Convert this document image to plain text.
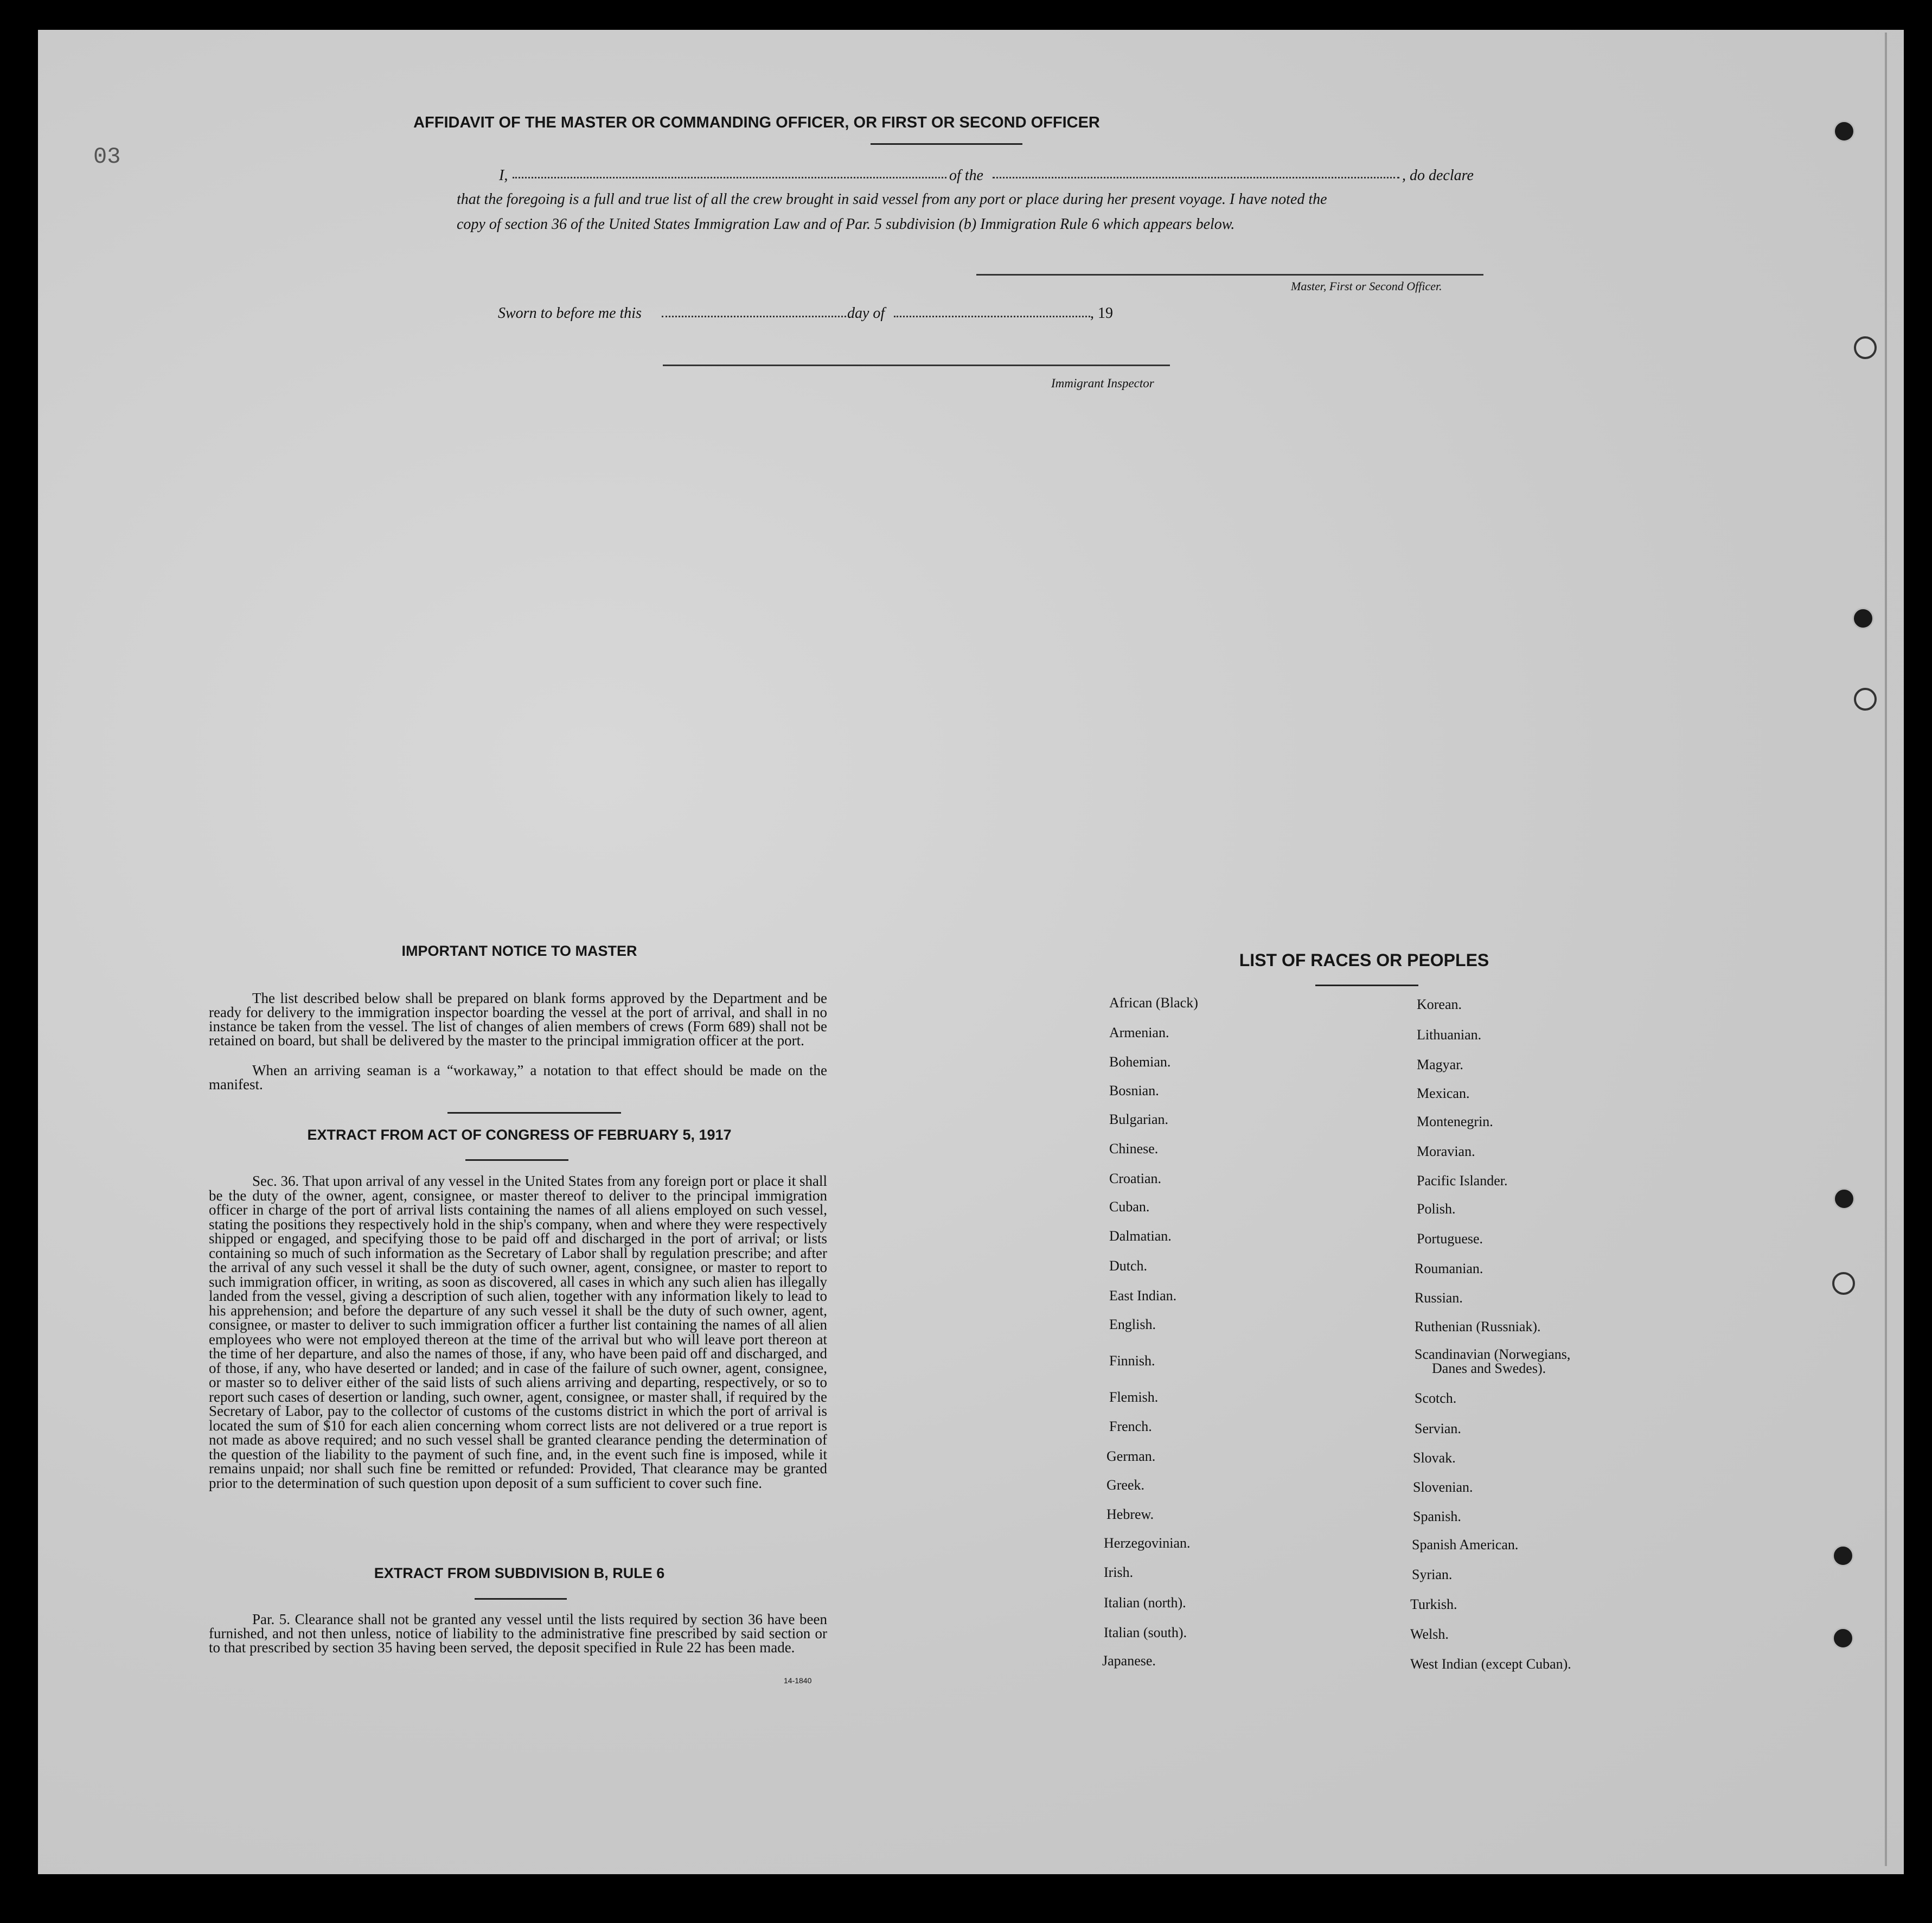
03
AFFIDAVIT OF THE MASTER OR COMMANDING OFFICER, OR FIRST OR SECOND OFFICER
I,	of the	, do declare
that the foregoing is a full and true list of all the crew brought in said vessel from any port or place during her present voyage. I have noted the
copy of section 36 of the United States Immigration Law and of Par. 5 subdivision (b) Immigration Rule 6 which appears below.
Master, First or Second Officer.
Sworn to before me this	day of	, 19
Immigrant Inspector
IMPORTANT NOTICE TO MASTER
The list described below shall be prepared on blank forms approved by the Department and be ready for delivery to the immigration inspector boarding the vessel at the port of arrival, and shall in no instance be taken from the vessel. The list of changes of alien members of crews (Form 689) shall not be retained on board, but shall be delivered by the master to the principal immigration officer at the port.
When an arriving seaman is a “workaway,” a notation to that effect should be made on the manifest.
EXTRACT FROM ACT OF CONGRESS OF FEBRUARY 5, 1917
Sec. 36. That upon arrival of any vessel in the United States from any foreign port or place it shall be the duty of the owner, agent, consignee, or master thereof to deliver to the principal immigration officer in charge of the port of arrival lists containing the names of all aliens employed on such vessel, stating the positions they respectively hold in the ship's company, when and where they were respectively shipped or engaged, and specifying those to be paid off and discharged in the port of arrival; or lists containing so much of such information as the Secretary of Labor shall by regulation prescribe; and after the arrival of any such vessel it shall be the duty of such owner, agent, consignee, or master to report to such immigration officer, in writing, as soon as discovered, all cases in which any such alien has illegally landed from the vessel, giving a description of such alien, together with any information likely to lead to his apprehension; and before the departure of any such vessel it shall be the duty of such owner, agent, consignee, or master to deliver to such immigration officer a further list containing the names of all alien employees who were not employed thereon at the time of the arrival but who will leave port thereon at the time of her departure, and also the names of those, if any, who have been paid off and discharged, and of those, if any, who have deserted or landed; and in case of the failure of such owner, agent, consignee, or master so to deliver either of the said lists of such aliens arriving and departing, respectively, or so to report such cases of desertion or landing, such owner, agent, consignee, or master shall, if required by the Secretary of Labor, pay to the collector of customs of the customs district in which the port of arrival is located the sum of $10 for each alien concerning whom correct lists are not delivered or a true report is not made as above required; and no such vessel shall be granted clearance pending the determination of the question of the liability to the payment of such fine, and, in the event such fine is imposed, while it remains unpaid; nor shall such fine be remitted or refunded: Provided, That clearance may be granted prior to the determination of such question upon deposit of a sum sufficient to cover such fine.
EXTRACT FROM SUBDIVISION B, RULE 6
Par. 5. Clearance shall not be granted any vessel until the lists required by section 36 have been furnished, and not then unless, notice of liability to the administrative fine prescribed by said section or to that prescribed by section 35 having been served, the deposit specified in Rule 22 has been made.
14-1840
LIST OF RACES OR PEOPLES
African (Black)
Armenian.
Bohemian.
Bosnian.
Bulgarian.
Chinese.
Croatian.
Cuban.
Dalmatian.
Dutch.
East Indian.
English.
Finnish.
Flemish.
French.
German.
Greek.
Hebrew.
Herzegovinian.
Irish.
Italian (north).
Italian (south).
Japanese.
Korean.
Lithuanian.
Magyar.
Mexican.
Montenegrin.
Moravian.
Pacific Islander.
Polish.
Portuguese.
Roumanian.
Russian.
Ruthenian (Russniak).
Scandinavian (Norwegians,
Danes and Swedes).
Scotch.
Servian.
Slovak.
Slovenian.
Spanish.
Spanish American.
Syrian.
Turkish.
Welsh.
West Indian (except Cuban).
